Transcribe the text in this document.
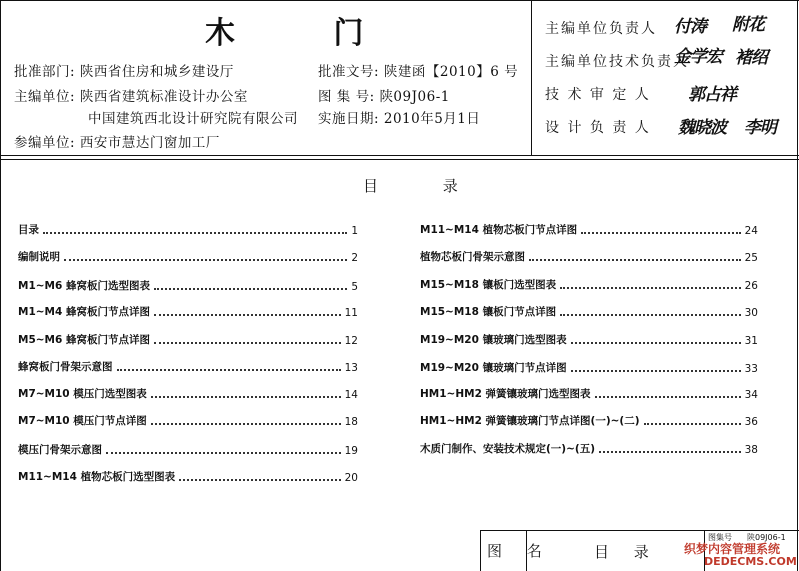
木 门
批准部门: 陕西省住房和城乡建设厅
主编单位: 陕西省建筑标准设计办公室
中国建筑西北设计研究院有限公司
参编单位: 西安市慧达门窗加工厂
批准文号: 陕建函【2010】6 号
图 集 号: 陕09J06-1
实施日期: 2010年5月1日
主编单位负责人 付涛 附花
主编单位技术负责人
金学宏 褚绍
技 术 审 定 人 郭占祥
设 计 负 责 人 魏晓波 李明
目 录
目录	1
编制说明	2
M1~M6 蜂窝板门选型图表	5
M1~M4 蜂窝板门节点详图	11
M5~M6 蜂窝板门节点详图	12
蜂窝板门骨架示意图	13
M7~M10 模压门选型图表	14
M7~M10 模压门节点详图	18
模压门骨架示意图	19
M11~M14 植物芯板门选型图表	20
M11~M14 植物芯板门节点详图	24
植物芯板门骨架示意图	25
M15~M18 镶板门选型图表	26
M15~M18 镶板门节点详图	30
M19~M20 镶玻璃门选型图表	31
M19~M20 镶玻璃门节点详图	33
HM1~HM2 弹簧镶玻璃门选型图表	34
HM1~HM2 弹簧镶玻璃门节点详图(一)~(二)	36
木质门制作、安装技术规定(一)~(五)	38
图 名	目 录
图集号 陕09J06-1
织梦内容管理系统
DEDECMS.COM
